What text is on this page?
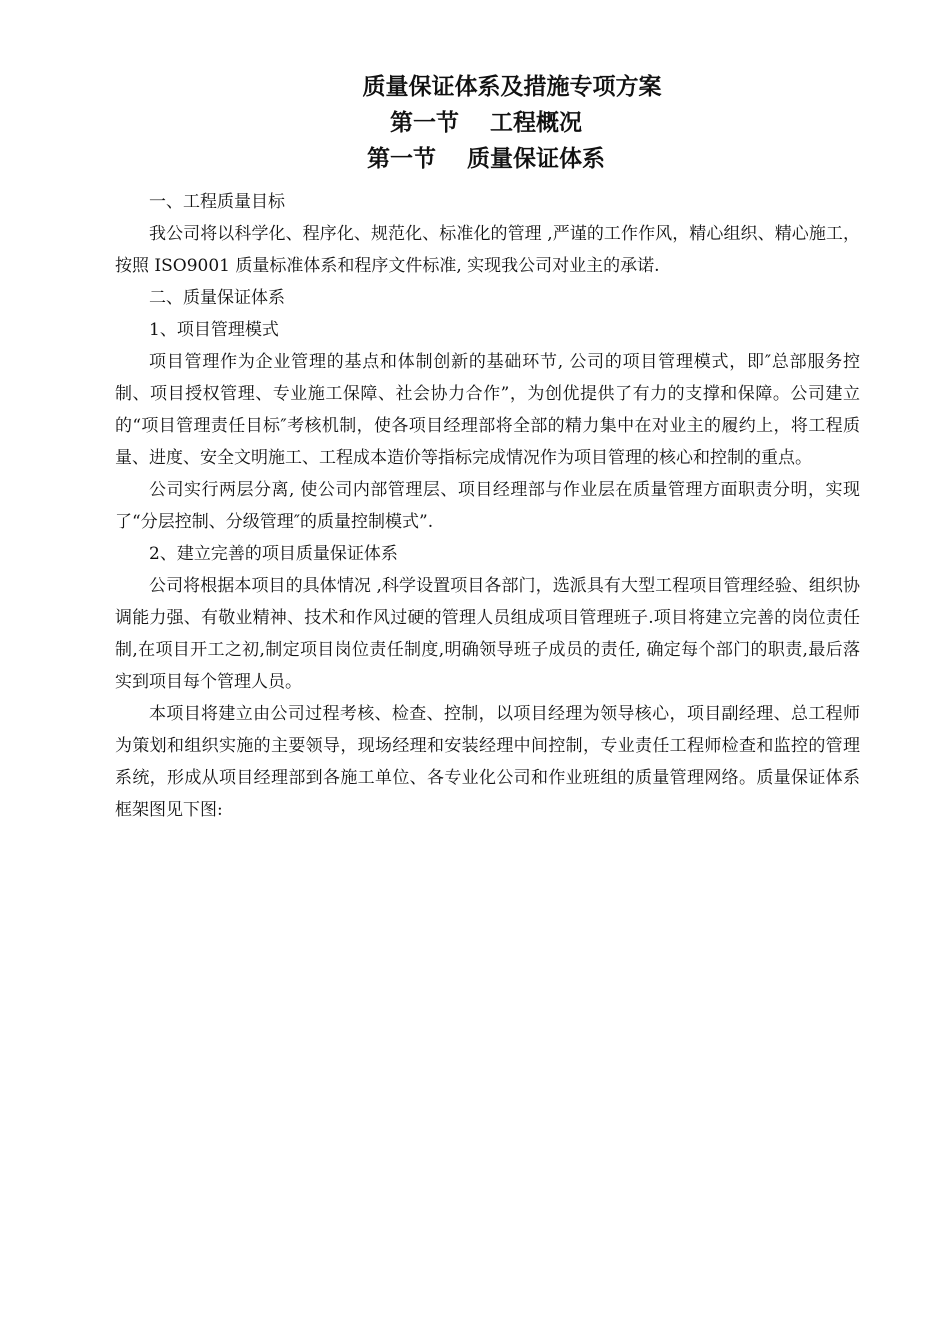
质量保证体系及措施专项方案
第一节　 工程概况
第一节　 质量保证体系

一、工程质量目标

我公司将以科学化、程序化、规范化、标准化的管理 ,严谨的工作作风，精心组织、精心施工，按照 ISO9001 质量标准体系和程序文件标准, 实现我公司对业主的承诺.

二、质量保证体系

1、项目管理模式

项目管理作为企业管理的基点和体制创新的基础环节, 公司的项目管理模式，即″总部服务控制、项目授权管理、专业施工保障、社会协力合作”，为创优提供了有力的支撑和保障。公司建立的“项目管理责任目标″考核机制，使各项目经理部将全部的精力集中在对业主的履约上，将工程质量、进度、安全文明施工、工程成本造价等指标完成情况作为项目管理的核心和控制的重点。

公司实行两层分离, 使公司内部管理层、项目经理部与作业层在质量管理方面职责分明，实现了“分层控制、分级管理″的质量控制模式”.

2、建立完善的项目质量保证体系

公司将根据本项目的具体情况 ,科学设置项目各部门，选派具有大型工程项目管理经验、组织协调能力强、有敬业精神、技术和作风过硬的管理人员组成项目管理班子.项目将建立完善的岗位责任制,在项目开工之初,制定项目岗位责任制度,明确领导班子成员的责任, 确定每个部门的职责,最后落实到项目每个管理人员。

本项目将建立由公司过程考核、检查、控制，以项目经理为领导核心，项目副经理、总工程师为策划和组织实施的主要领导，现场经理和安装经理中间控制，专业责任工程师检查和监控的管理系统，形成从项目经理部到各施工单位、各专业化公司和作业班组的质量管理网络。质量保证体系框架图见下图:
